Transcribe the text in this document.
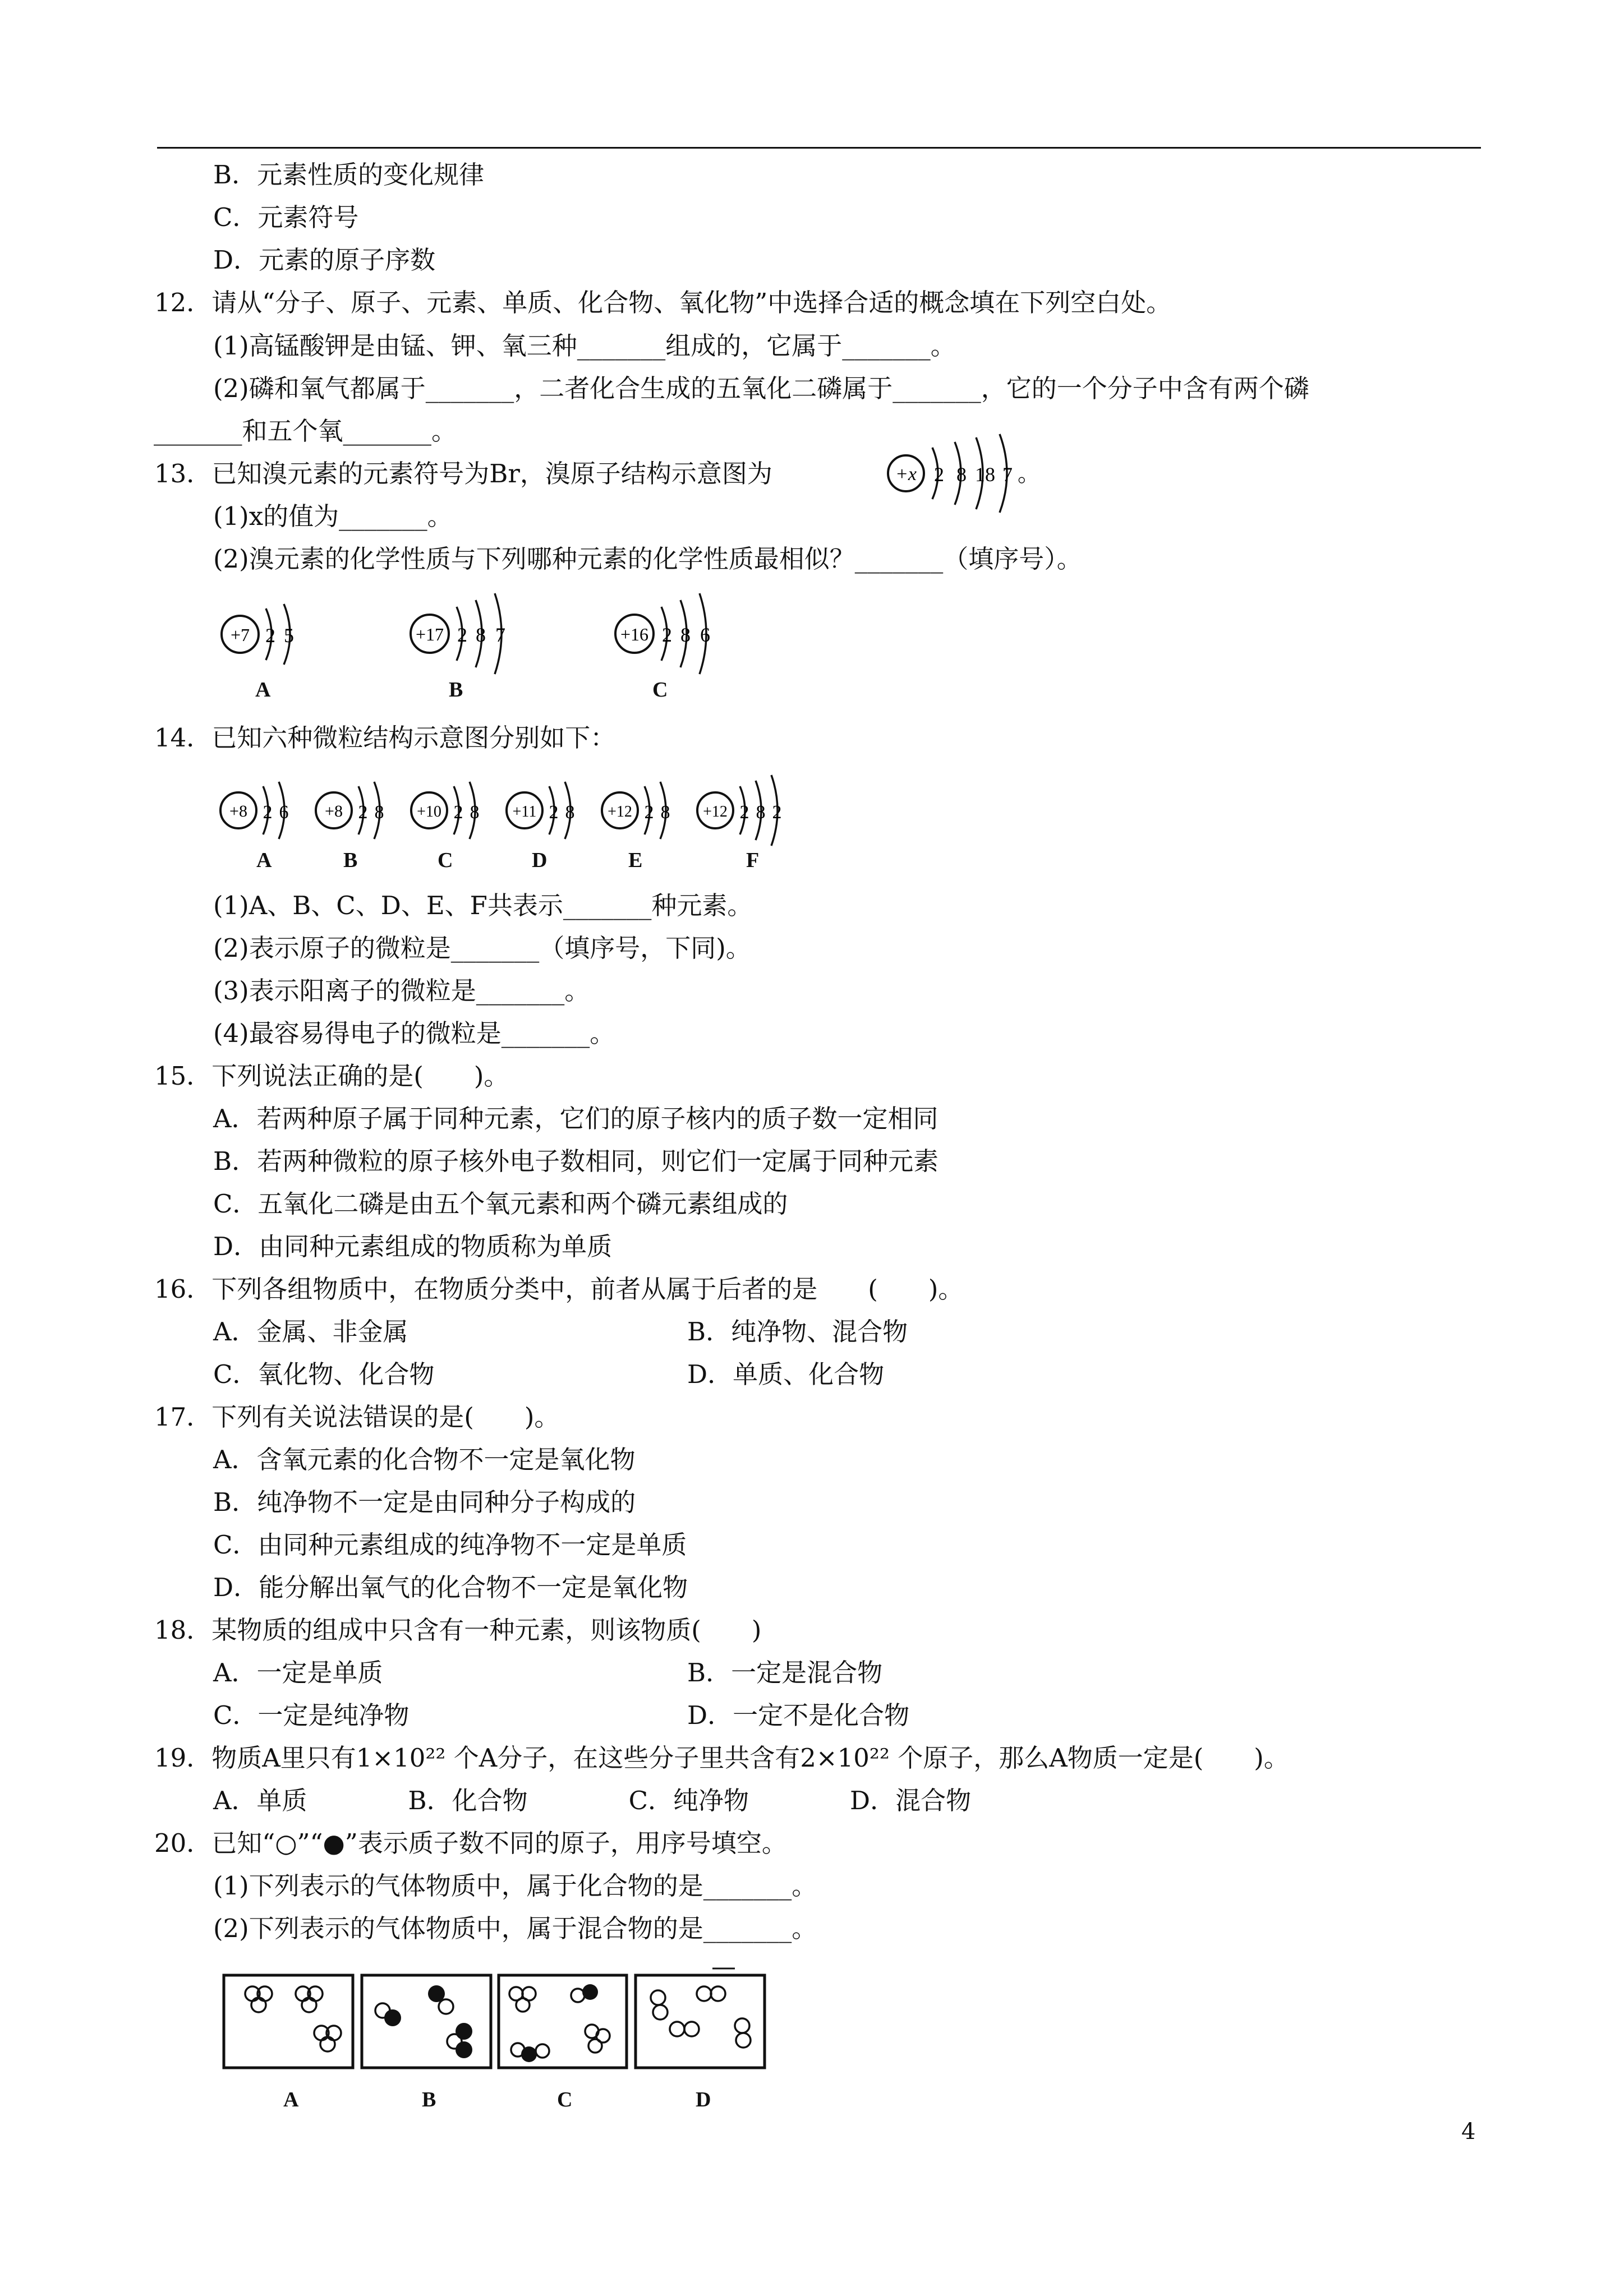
B．元素性质的变化规律
C．元素符号
D．元素的原子序数
12．请从“分子、原子、元素、单质、化合物、氧化物”中选择合适的概念填在下列空白处。
(1)高锰酸钾是由锰、钾、氧三种_______组成的，它属于_______。
(2)磷和氧气都属于_______，二者化合生成的五氧化二磷属于_______，它的一个分子中含有两个磷
_______和五个氧_______。
13．已知溴元素的元素符号为Br，溴原子结构示意图为	+x 2 8 18 7 。
(1)x的值为_______。
(2)溴元素的化学性质与下列哪种元素的化学性质最相似？_______（填序号）。
+7 2 5	+17 2 8 7	+16 2 8 6
A	B	C
14．已知六种微粒结构示意图分别如下：
+8 2 6 +8 2 8 +10 2 8 +11 2 8 +12 2 8 +12 2 8 2
A	B	C	D	E	F
(1)A、B、C、D、E、F共表示_______种元素。
(2)表示原子的微粒是_______（填序号，下同)。
(3)表示阳离子的微粒是_______。
(4)最容易得电子的微粒是_______。
15．下列说法正确的是(　　)。
A．若两种原子属于同种元素，它们的原子核内的质子数一定相同
B．若两种微粒的原子核外电子数相同，则它们一定属于同种元素
C．五氧化二磷是由五个氧元素和两个磷元素组成的
D．由同种元素组成的物质称为单质
16．下列各组物质中，在物质分类中，前者从属于后者的是　　(　　)。
A．金属、非金属	B．纯净物、混合物
C．氧化物、化合物	D．单质、化合物
17．下列有关说法错误的是(　　)。
A．含氧元素的化合物不一定是氧化物
B．纯净物不一定是由同种分子构成的
C．由同种元素组成的纯净物不一定是单质
D．能分解出氧气的化合物不一定是氧化物
18．某物质的组成中只含有一种元素，则该物质(　　)
A．一定是单质	B．一定是混合物
C．一定是纯净物	D．一定不是化合物
19．物质A里只有1×10²² 个A分子，在这些分子里共含有2×10²² 个原子，那么A物质一定是(　　)。
A．单质　　　　B．化合物　　　　C．纯净物　　　　D．混合物
20．已知“○”“●”表示质子数不同的原子，用序号填空。
(1)下列表示的气体物质中，属于化合物的是_______。
(2)下列表示的气体物质中，属于混合物的是_______。
A	B	C	D
4
